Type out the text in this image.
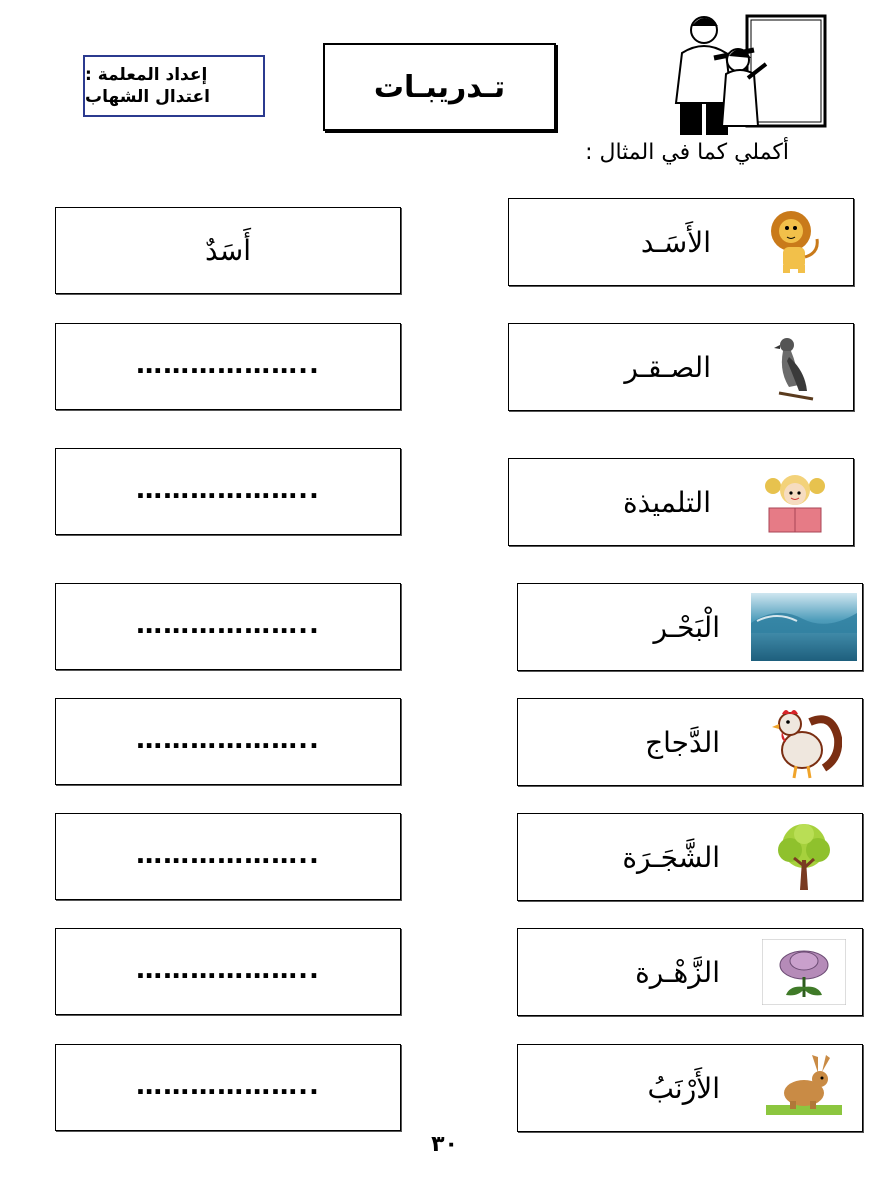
إعداد المعلمة :
اعتدال الشهاب	تـدريبـات
أكملي كما في المثال :
أَسَدٌ
………………..
………………..
………………..
………………..
………………..
………………..
………………..
الأَسَـد
الصـقـر
التلميذة
الْبَحْـر
الدَّجاج
الشَّجَـرَة
الزَّهْـرة
الأَرْنَبُ
٣٠
